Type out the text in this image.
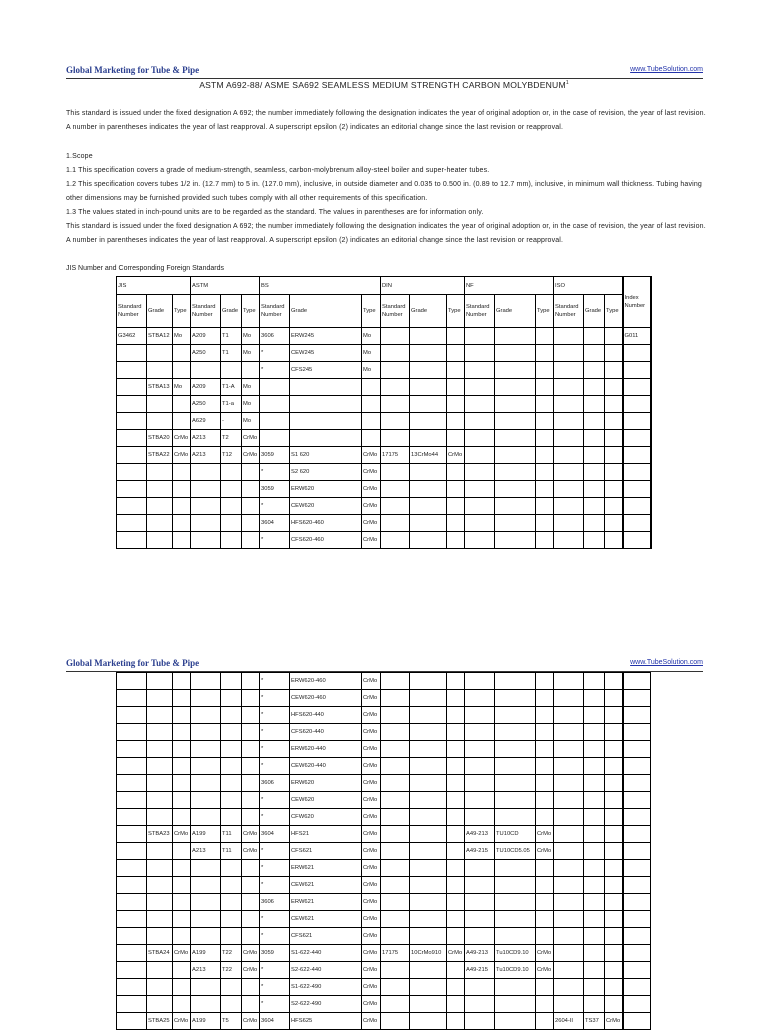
Global Marketing for Tube & Pipe	www.TubeSolution.com
ASTM A692-88/ ASME SA692 SEAMLESS MEDIUM STRENGTH CARBON MOLYBDENUM$^1$
This standard is issued under the fixed designation A 692; the number immediately following the designation indicates the year of original adoption or, in the case of revision, the year of last revision. A number in parentheses indicates the year of last reapproval. A superscript epsilon (2) indicates an editorial change since the last revision or reapproval.
1.Scope
1.1 This specification covers a grade of medium-strength, seamless, carbon-molybrenum alloy-steel boiler and super-heater tubes.
1.2 This specification covers tubes 1/2 in. (12.7 mm) to 5 in. (127.0 mm), inclusive, in outside diameter and 0.035 to 0.500 in. (0.89 to 12.7 mm), inclusive, in minimum wall thickness. Tubing having other dimensions may be furnished provided such tubes comply with all other requirements of this specification.
1.3 The values stated in inch-pound units are to be regarded as the standard. The values in parentheses are for information only.
This standard is issued under the fixed designation A 692; the number immediately following the designation indicates the year of original adoption or, in the case of revision, the year of last revision. A number in parentheses indicates the year of last reapproval. A superscript epsilon (2) indicates an editorial change since the last revision or reapproval.
JIS Number and Corresponding Foreign Standards
JIS			ASTM			BS			DIN			NF			ISO			Index Number
Standard Number	Grade	Type	Standard Number	Grade	Type	Standard Number	Grade	Type	Standard Number	Grade	Type	Standard Number	Grade	Type	Standard Number	Grade	Type	
G3462	STBA12	Mo	A209	T1	Mo	3606	ERW245	Mo										G011
			A250	T1	Mo	*	CEW245	Mo										
						*	CFS245	Mo										
	STBA13	Mo	A209	T1-A	Mo													
			A250	T1-a	Mo													
			A629	-	Mo													
	STBA20	CrMo	A213	T2	CrMo													
	STBA22	CrMo	A213	T12	CrMo	3059	S1 620	CrMo	17175	13CrMo44	CrMo							
						*	S2 620	CrMo										
						3059	ERW620	CrMo										
						*	CEW620	CrMo										
						3604	HFS620-460	CrMo										
						*	CFS620-460	CrMo										
Global Marketing for Tube & Pipe	www.TubeSolution.com
						*	ERW620-460	CrMo										
						*	CEW620-460	CrMo										
						*	HFS620-440	CrMo										
						*	CFS620-440	CrMo										
						*	ERW620-440	CrMo										
						*	CEW620-440	CrMo										
						3606	ERW620	CrMo										
						*	CEW620	CrMo										
						*	CFW620	CrMo										
	STBA23	CrMo	A199	T11	CrMo	3604	HFS21	CrMo				A49-213	TU10CD	CrMo				
			A213	T11	CrMo	*	CFS621	CrMo				A49-215	TU10CD5.05	CrMo				
						*	ERW621	CrMo										
						*	CEW621	CrMo										
						3606	ERW621	CrMo										
						*	CEW621	CrMo										
						*	CFS621	CrMo										
	STBA24	CrMo	A199	T22	CrMo	3059	S1-622-440	CrMo	17175	10CrMo910	CrMo	A49-213	Tu10CD9.10	CrMo				
			A213	T22	CrMo	*	S2-622-440	CrMo				A49-215	Tu10CD9.10	CrMo				
						*	S1-622-490	CrMo										
						*	S2-622-490	CrMo										
	STBA25	CrMo	A199	T5	CrMo	3604	HFS625	CrMo							2604-II	TS37	CrMo	
